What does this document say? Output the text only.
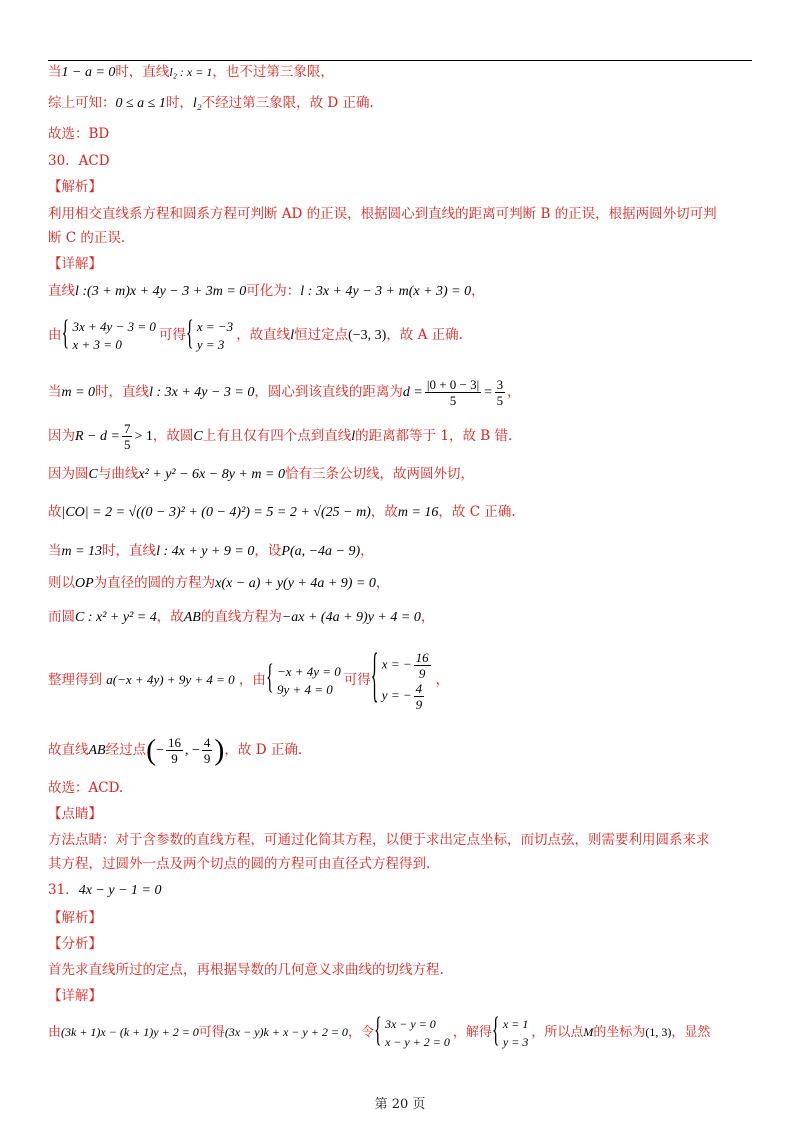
当1 − a = 0时，直线l₂ : x = 1，也不过第三象限，
综上可知：0 ≤ a ≤ 1时，l₂不经过第三象限，故 D 正确.
故选：BD
30．ACD
【解析】
利用相交直线系方程和圆系方程可判断 AD 的正误，根据圆心到直线的距离可判断 B 的正误，根据两圆外切可判
断 C 的正误.
【详解】
直线l :(3 + m)x + 4y − 3 + 3m = 0可化为：l : 3x + 4y − 3 + m(x + 3) = 0，
由
{ 3x + 4y − 3 = 0
x + 3 = 0
可得
{ x = −3
y = 3
，故直线l恒过定点(−3, 3)，故 A 正确.
当m = 0时，直线l : 3x + 4y − 3 = 0，圆心到该直线的距离为$d = \frac{|0 + 0 - 3|}{5} = \frac{3}{5}$ ，
因为$R - d = \frac{7}{5} > 1$，故圆C上有且仅有四个点到直线l的距离都等于 1，故 B 错.
因为圆C与曲线x² + y² − 6x − 8y + m = 0恰有三条公切线，故两圆外切，
故|CO| = 2 = √((0 − 3)² + (0 − 4)²) = 5 = 2 + √(25 − m)，故m = 16，故 C 正确.
当m = 13时，直线l : 4x + y + 9 = 0，设P(a, −4a − 9)，
则以OP为直径的圆的方程为x(x − a) + y(y + 4a + 9) = 0，
而圆C : x² + y² = 4，故AB的直线方程为−ax + (4a + 9)y + 4 = 0，
整理得到 a(−x + 4y) + 9y + 4 = 0 ，由
{ −x + 4y = 0
9y + 4 = 0
可得
{ x = − $\frac{16}{9}$
y = − $\frac{4}{9}$
，
故直线AB经过点(− $\frac{16}{9}$ , − $\frac{4}{9}$ )，故 D 正确.
故选：ACD.
【点睛】
方法点睛：对于含参数的直线方程，可通过化简其方程，以便于求出定点坐标，而切点弦，则需要利用圆系来求
其方程，过圆外一点及两个切点的圆的方程可由直径式方程得到.
31．4x − y − 1 = 0
【解析】
【分析】
首先求直线所过的定点，再根据导数的几何意义求曲线的切线方程.
【详解】
由(3k + 1)x − (k + 1)y + 2 = 0可得(3x − y)k + x − y + 2 = 0，令
{ 3x − y = 0
x − y + 2 = 0
，解得
{ x = 1
y = 3
，所以点M的坐标为(1, 3)，显然
第 20 页
